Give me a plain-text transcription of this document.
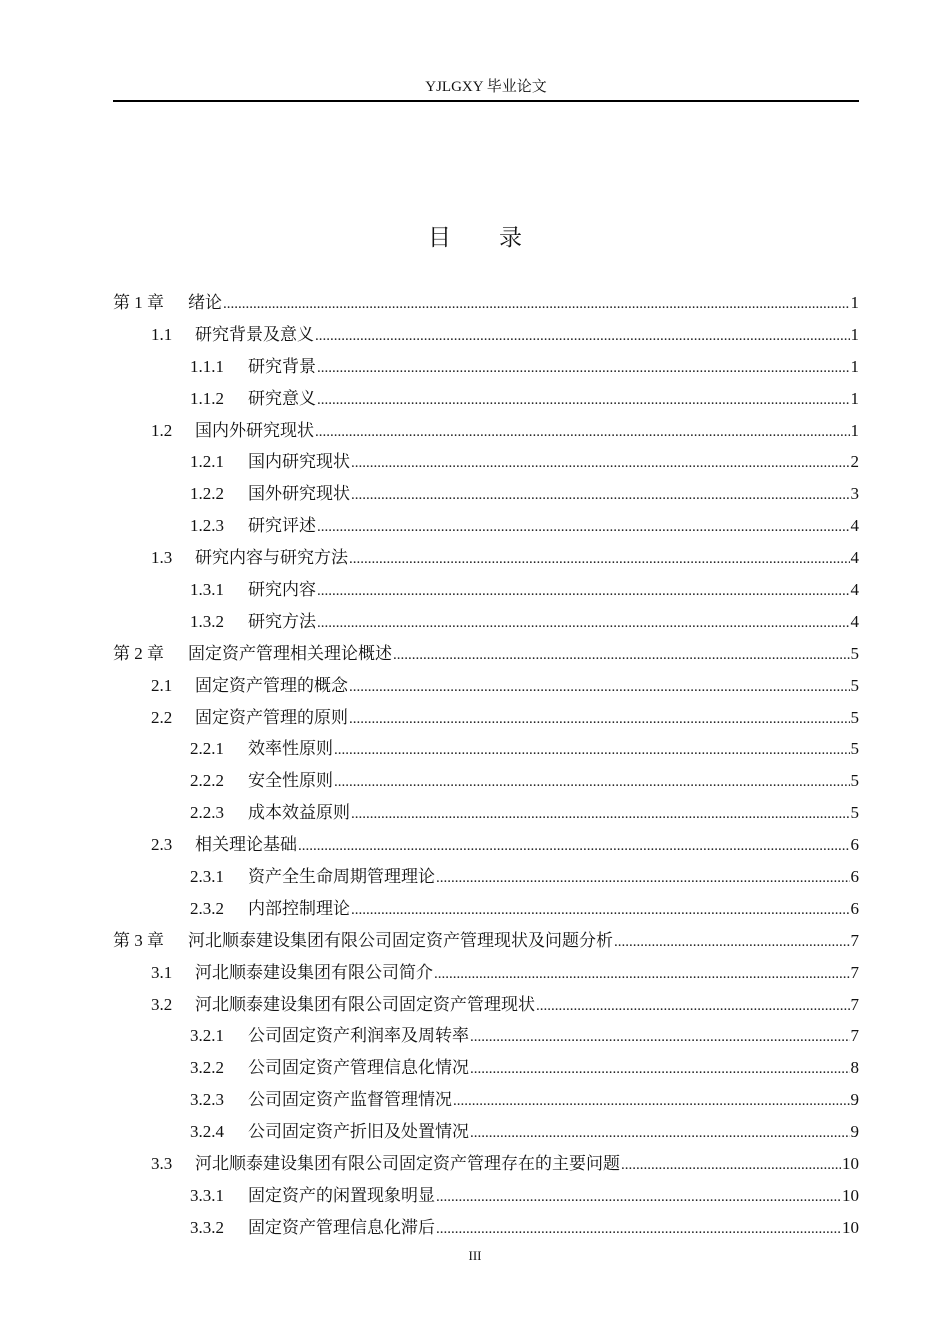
YJLGXY 毕业论文
目录
第 1 章	绪论 .....	1
1.1	研究背景及意义 .....	1
1.1.1	研究背景 .....	1
1.1.2	研究意义 .....	1
1.2	国内外研究现状 .....	1
1.2.1	国内研究现状 .....	2
1.2.2	国外研究现状 .....	3
1.2.3	研究评述 .....	4
1.3	研究内容与研究方法 .....	4
1.3.1	研究内容 .....	4
1.3.2	研究方法 .....	4
第 2 章	固定资产管理相关理论概述 .....	5
2.1	固定资产管理的概念 .....	5
2.2	固定资产管理的原则 .....	5
2.2.1	效率性原则 .....	5
2.2.2	安全性原则 .....	5
2.2.3	成本效益原则 .....	5
2.3	相关理论基础 .....	6
2.3.1	资产全生命周期管理理论 .....	6
2.3.2	内部控制理论 .....	6
第 3 章	河北顺泰建设集团有限公司固定资产管理现状及问题分析 .....	7
3.1	河北顺泰建设集团有限公司简介 .....	7
3.2	河北顺泰建设集团有限公司固定资产管理现状 .....	7
3.2.1	公司固定资产利润率及周转率 .....	7
3.2.2	公司固定资产管理信息化情况 .....	8
3.2.3	公司固定资产监督管理情况 .....	9
3.2.4	公司固定资产折旧及处置情况 .....	9
3.3	河北顺泰建设集团有限公司固定资产管理存在的主要问题 .....	10
3.3.1	固定资产的闲置现象明显 .....	10
3.3.2	固定资产管理信息化滞后 .....	10
III
